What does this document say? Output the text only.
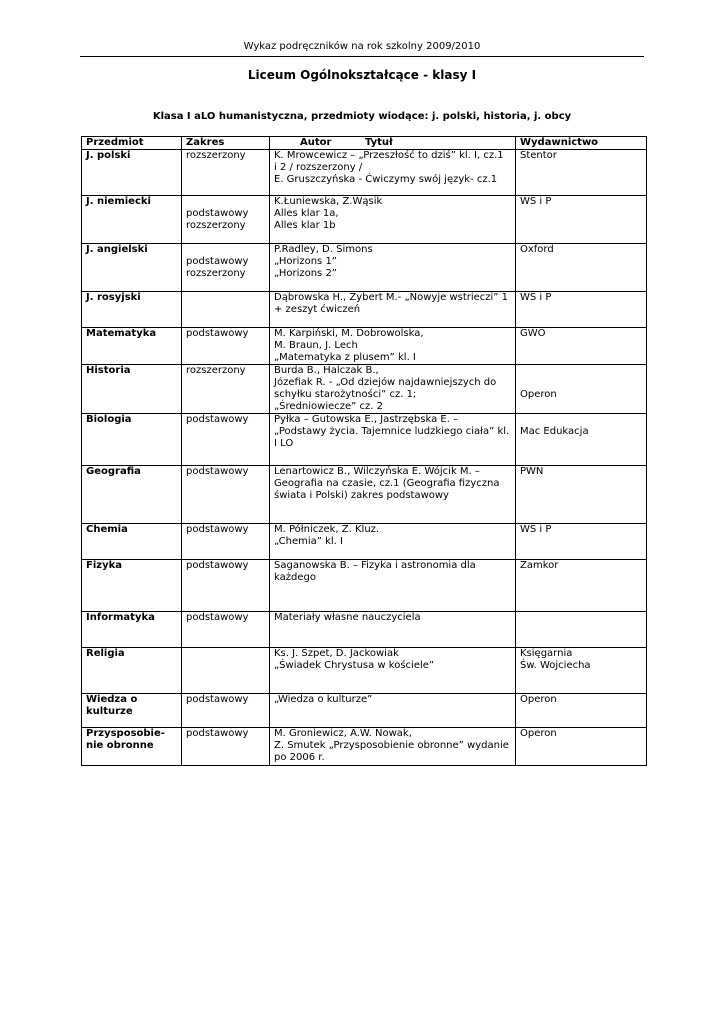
Wykaz podręczników na rok szkolny 2009/2010
Liceum Ogólnokształcące - klasy I
Klasa I aLO humanistyczna, przedmioty wiodące: j. polski, historia, j. obcy
Przedmiot	Zakres	Autor Tytuł	Wydawnictwo

J. polski	rozszerzony	K. Mrowcewicz – „Przeszłość to dziś” kl. I, cz.1
i 2 / rozszerzony /
E. Gruszczyńska - Ćwiczymy swój język- cz.1	Stentor

J. niemiecki	podstawowy
rozszerzony	K.Łuniewska, Z.Wąsik
Alles klar 1a,
Alles klar 1b	WS i P

J. angielski	podstawowy
rozszerzony	P.Radley, D. Simons
„Horizons 1”
„Horizons 2”	Oxford

J. rosyjski		Dąbrowska H., Zybert M.- „Nowyje wstrieczi” 1
+ zeszyt ćwiczeń	WS i P

Matematyka	podstawowy	M. Karpiński, M. Dobrowolska,
M. Braun, J. Lech
„Matematyka z plusem” kl. I	GWO

Historia	rozszerzony	Burda B., Halczak B.,
Józefiak R. - „Od dziejów najdawniejszych do
schyłku starożytności” cz. 1;
„Średniowiecze” cz. 2	Operon

Biologia	podstawowy	Pyłka – Gutowska E., Jastrzębska E. –
„Podstawy życia. Tajemnice ludzkiego ciała” kl.
I LO	Mac Edukacja

Geografia	podstawowy	Lenartowicz B., Wilczyńska E. Wójcik M. –
Geografia na czasie, cz.1 (Geografia fizyczna
świata i Polski) zakres podstawowy	PWN

Chemia	podstawowy	M. Półniczek, Z. Kluz.
„Chemia” kl. I	WS i P

Fizyka	podstawowy	Saganowska B. – Fizyka i astronomia dla
każdego	Zamkor

Informatyka	podstawowy	Materiały własne nauczyciela	

Religia		Ks. J. Szpet, D. Jackowiak
„Świadek Chrystusa w kościele”	Księgarnia
Św. Wojciecha

Wiedza o
kulturze	podstawowy	„Wiedza o kulturze”	Operon

Przysposobie-
nie obronne	podstawowy	M. Groniewicz, A.W. Nowak,
Z. Smutek „Przysposobienie obronne” wydanie
po 2006 r.	Operon
